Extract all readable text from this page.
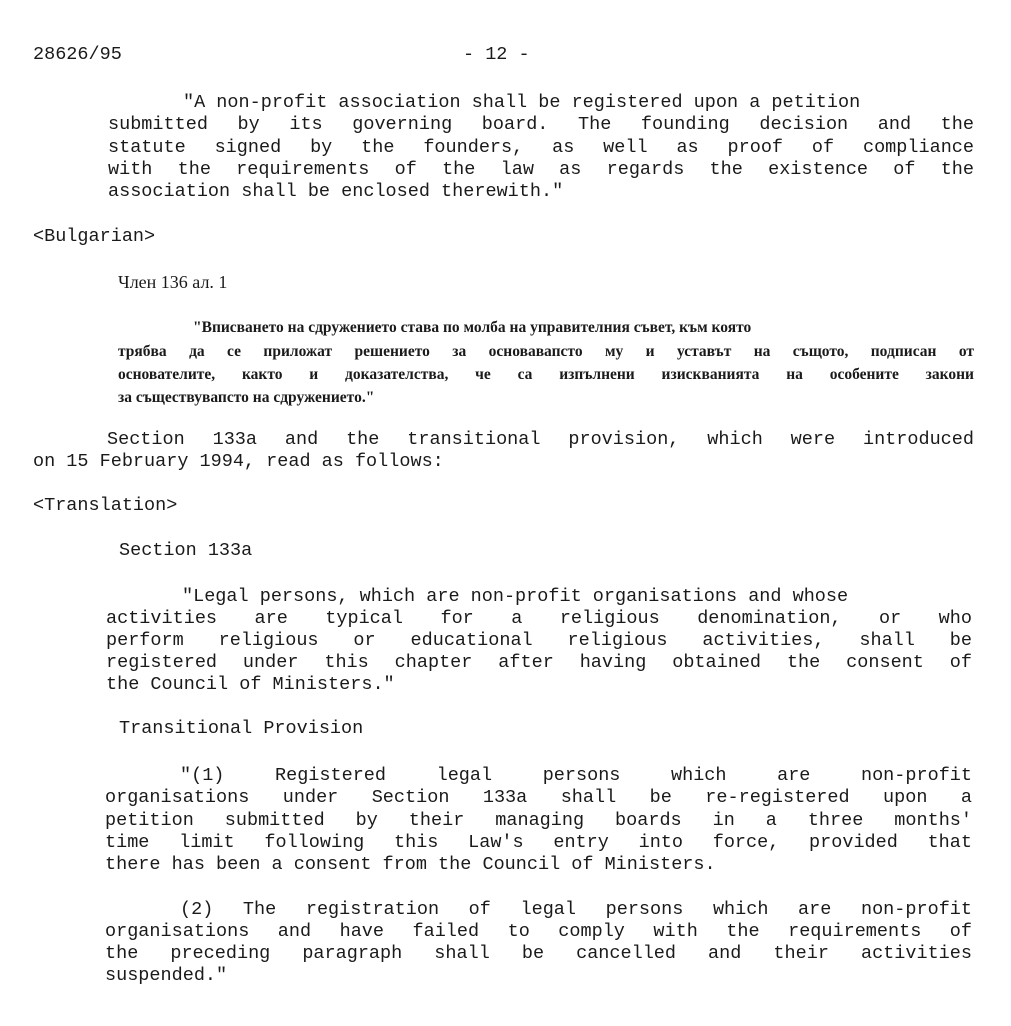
28626/95	- 12 -

"A non-profit association shall be registered upon a petition

submitted by its governing board. The founding decision and the

statute signed by the founders, as well as proof of compliance

with the requirements of the law as regards the existence of the

association shall be enclosed therewith."

<Bulgarian>

Член 136 ал. 1

"Вписването на сдружението става по молба на управителния съвет, към която

трябва да се приложат решението за основавапсто му и уставът на същото, подписан от

основателите, както и доказателства, че са изпълнени изискванията на особените закони

за съществувапсто на сдружението."

Section 133a and the transitional provision, which were introduced

on 15 February 1994, read as follows:

<Translation>

Section 133a

"Legal persons, which are non-profit organisations and whose

activities are typical for a religious denomination, or who

perform religious or educational religious activities, shall be

registered under this chapter after having obtained the consent of

the Council of Ministers."

Transitional Provision

"(1) Registered legal persons which are non-profit

organisations under Section 133a shall be re-registered upon a

petition submitted by their managing boards in a three months'

time limit following this Law's entry into force, provided that

there has been a consent from the Council of Ministers.

(2) The registration of legal persons which are non-profit

organisations and have failed to comply with the requirements of

the preceding paragraph shall be cancelled and their activities

suspended."
